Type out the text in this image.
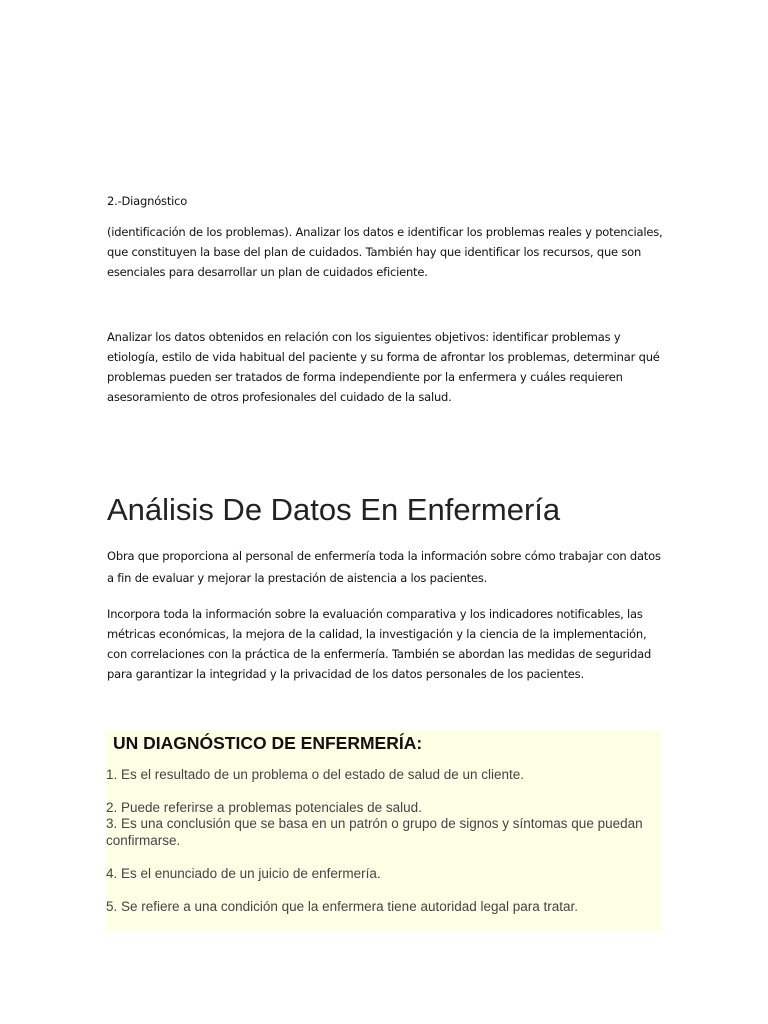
2.-Diagnóstico

(identificación de los problemas). Analizar los datos e identificar los problemas reales y potenciales, que constituyen la base del plan de cuidados. También hay que identificar los recursos, que son esenciales para desarrollar un plan de cuidados eficiente.

Analizar los datos obtenidos en relación con los siguientes objetivos: identificar problemas y etiología, estilo de vida habitual del paciente y su forma de afrontar los problemas, determinar qué problemas pueden ser tratados de forma independiente por la enfermera y cuáles requieren asesoramiento de otros profesionales del cuidado de la salud.

Análisis De Datos En Enfermería

Obra que proporciona al personal de enfermería toda la información sobre cómo trabajar con datos a fin de evaluar y mejorar la prestación de aistencia a los pacientes.

Incorpora toda la información sobre la evaluación comparativa y los indicadores notificables, las métricas económicas, la mejora de la calidad, la investigación y la ciencia de la implementación, con correlaciones con la práctica de la enfermería. También se abordan las medidas de seguridad para garantizar la integridad y la privacidad de los datos personales de los pacientes.

UN DIAGNÓSTICO DE ENFERMERÍA:

1. Es el resultado de un problema o del estado de salud de un cliente.

2. Puede referirse a problemas potenciales de salud.

3. Es una conclusión que se basa en un patrón o grupo de signos y síntomas que puedan confirmarse.

4. Es el enunciado de un juicio de enfermería.

5. Se refiere a una condición que la enfermera tiene autoridad legal para tratar.
